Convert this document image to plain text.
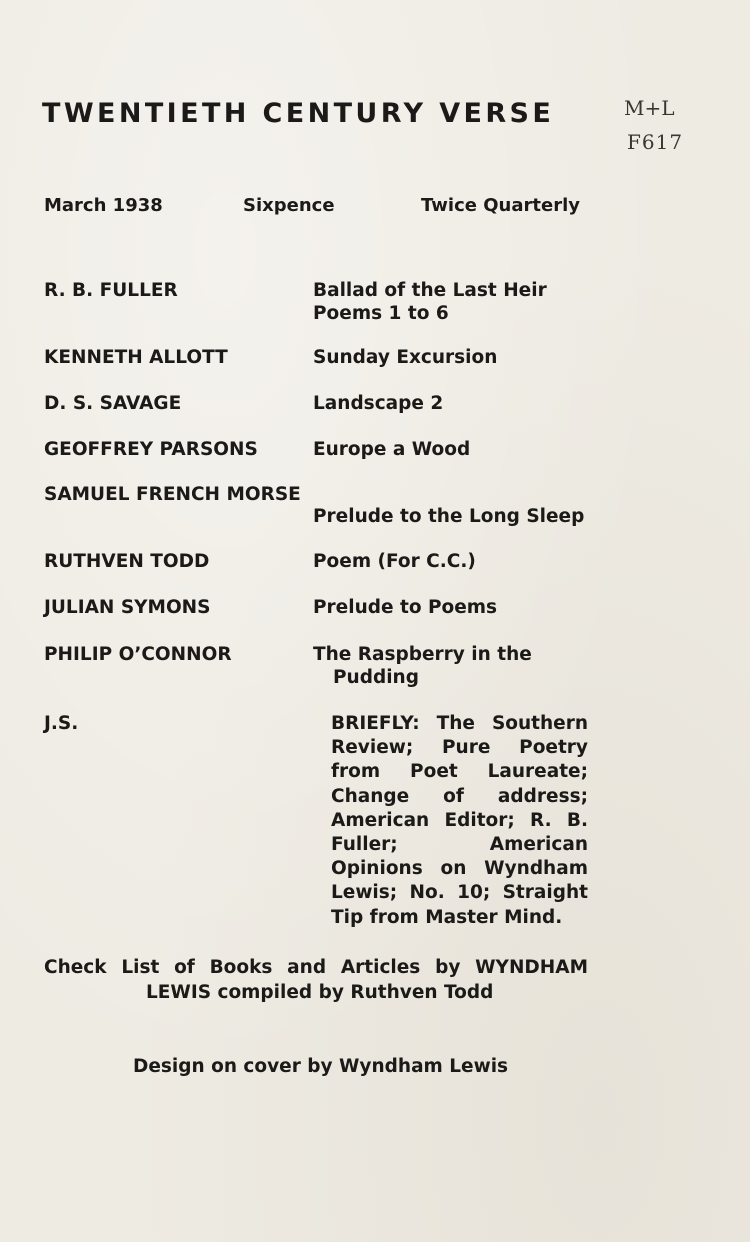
TWENTIETH CENTURY VERSE	M+L
F617
March 1938	Sixpence	Twice Quarterly
R. B. FULLER	Ballad of the Last Heir
Poems 1 to 6
KENNETH ALLOTT	Sunday Excursion
D. S. SAVAGE	Landscape 2
GEOFFREY PARSONS	Europe a Wood
SAMUEL FRENCH MORSE
Prelude to the Long Sleep
RUTHVEN TODD	Poem (For C.C.)
JULIAN SYMONS	Prelude to Poems
PHILIP O’CONNOR	The Raspberry in the
Pudding
J.S.	BRIEFLY: The Southern Review; Pure Poetry from Poet Laureate; Change of address; American Editor; R. B. Fuller; American Opinions on Wyndham Lewis; No. 10; Straight Tip from Master Mind.
Check List of Books and Articles by WYNDHAM
LEWIS compiled by Ruthven Todd
Design on cover by Wyndham Lewis
